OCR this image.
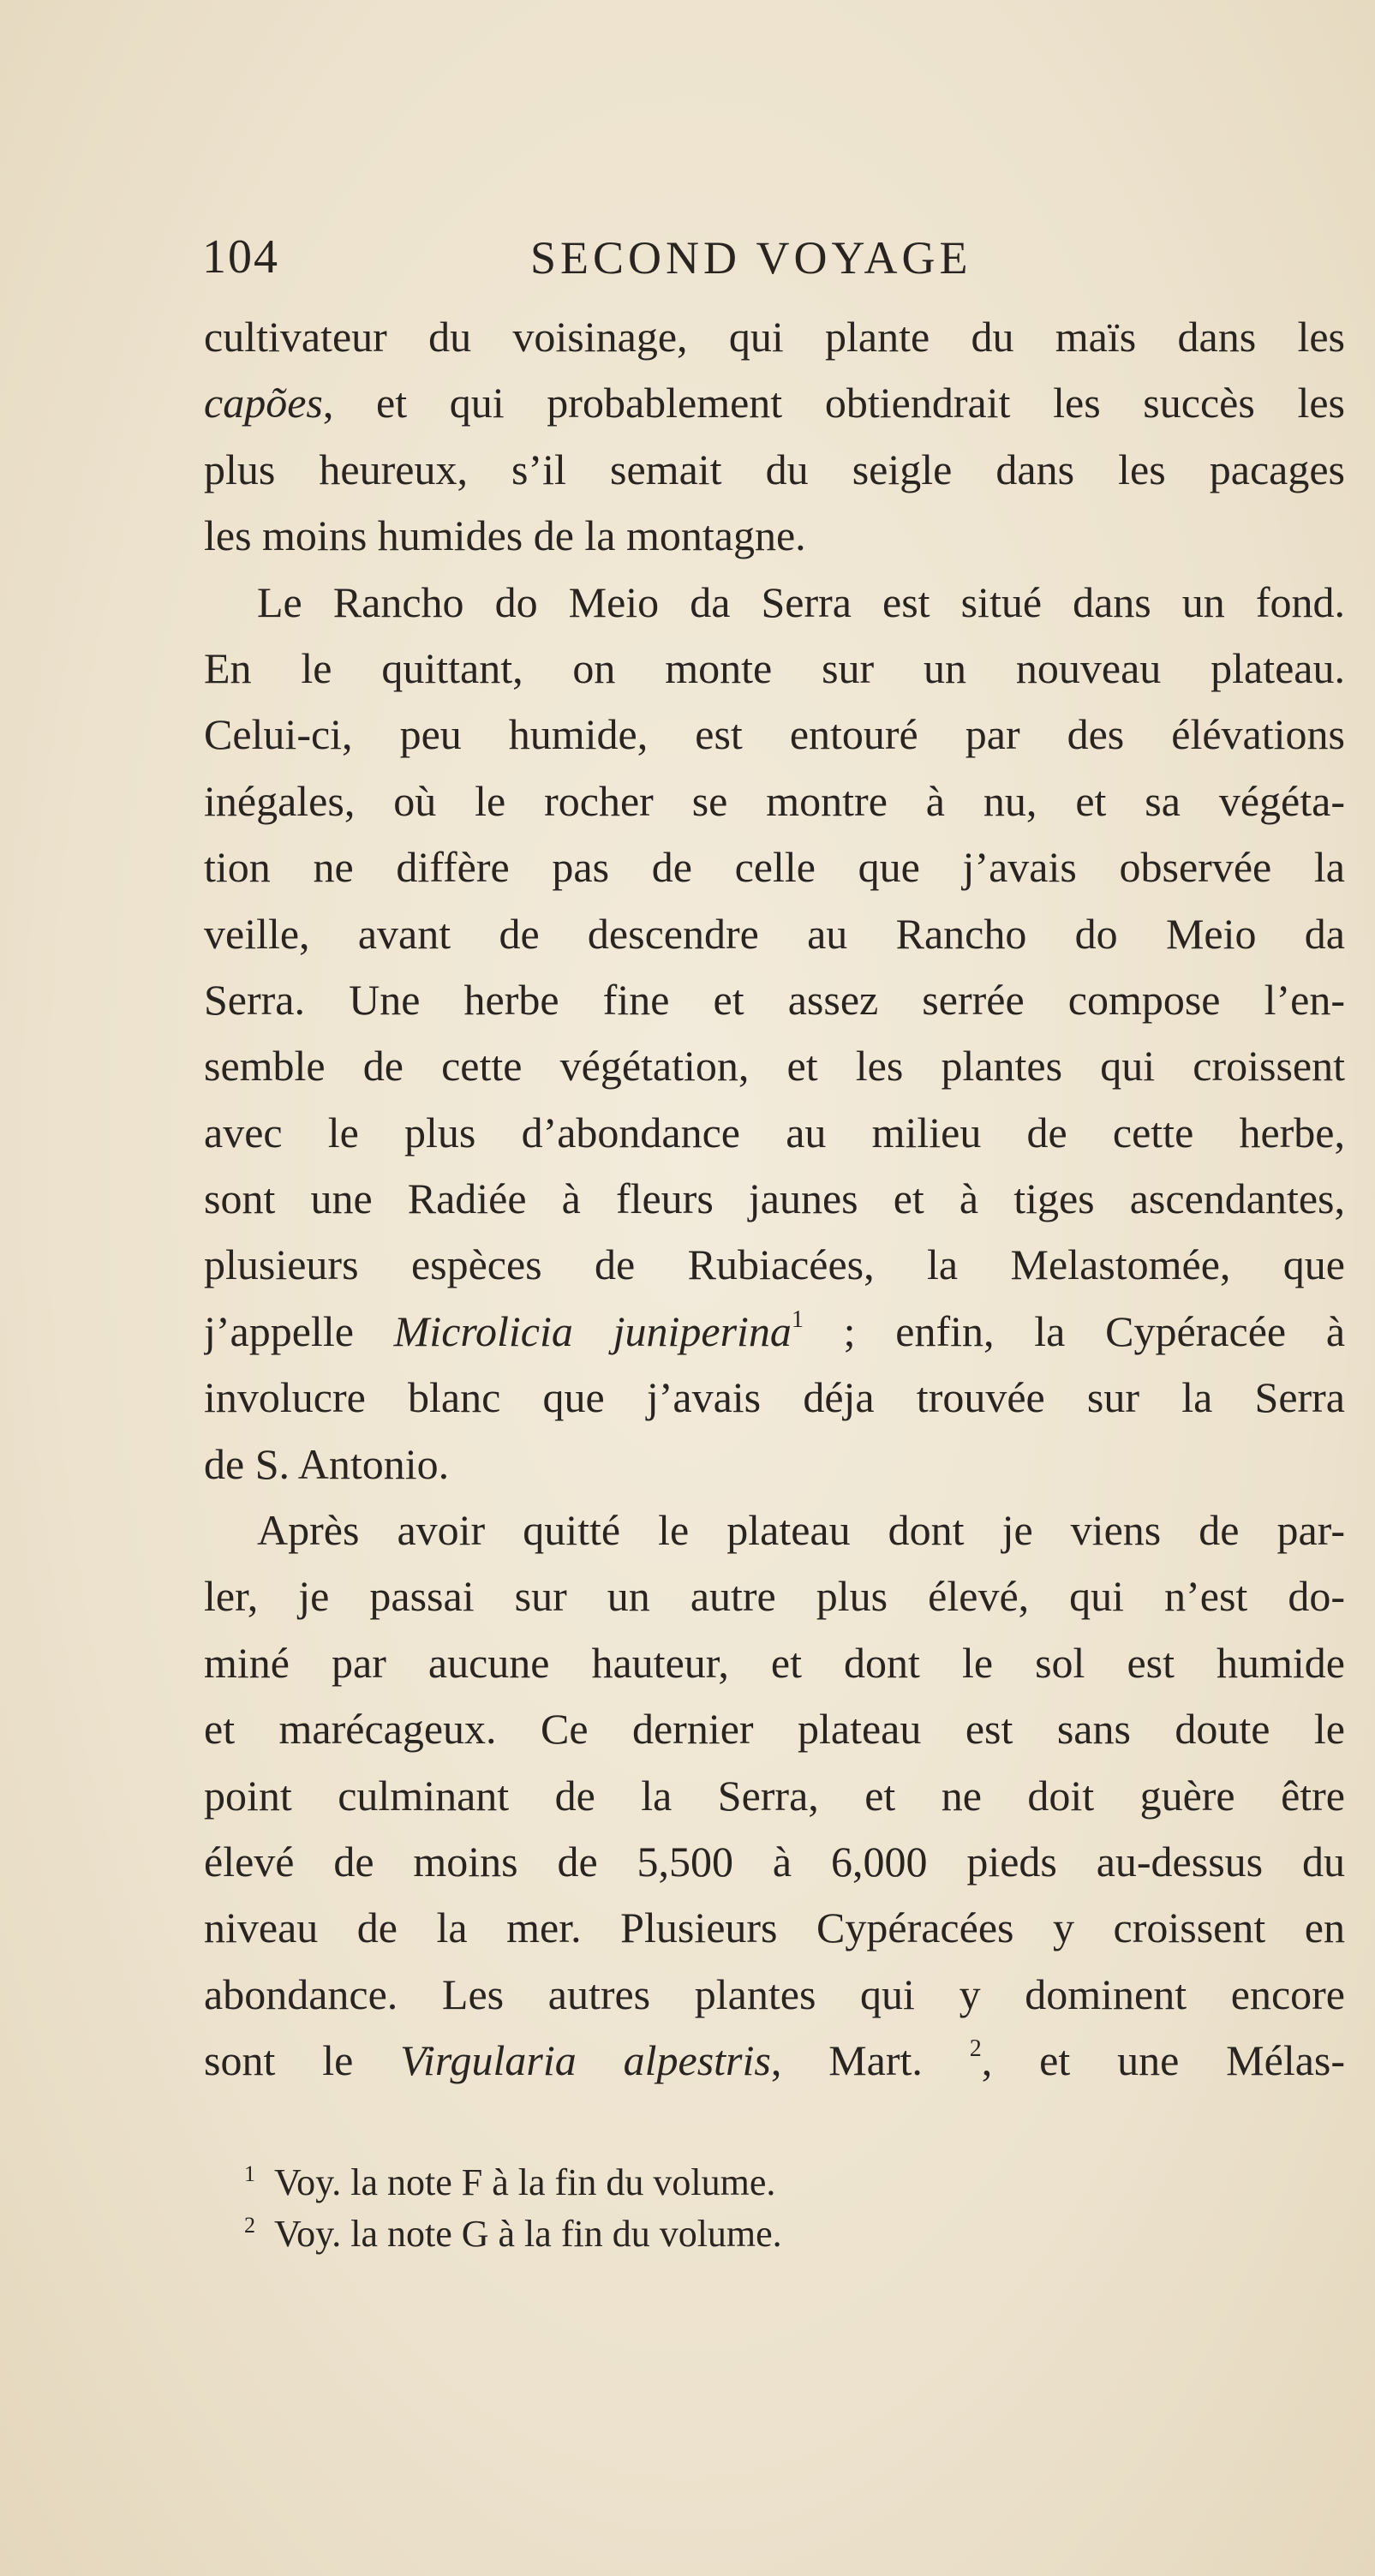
104	SECOND VOYAGE
cultivateur du voisinage, qui plante du maïs dans les
capões, et qui probablement obtiendrait les succès les
plus heureux, s’il semait du seigle dans les pacages
les moins humides de la montagne.
Le Rancho do Meio da Serra est situé dans un fond.
En le quittant, on monte sur un nouveau plateau.
Celui-ci, peu humide, est entouré par des élévations
inégales, où le rocher se montre à nu, et sa végéta-
tion ne diffère pas de celle que j’avais observée la
veille, avant de descendre au Rancho do Meio da
Serra. Une herbe fine et assez serrée compose l’en-
semble de cette végétation, et les plantes qui croissent
avec le plus d’abondance au milieu de cette herbe,
sont une Radiée à fleurs jaunes et à tiges ascendantes,
plusieurs espèces de Rubiacées, la Melastomée, que
j’appelle Microlicia juniperina$^1$ ; enfin, la Cypéracée à
involucre blanc que j’avais déja trouvée sur la Serra
de S. Antonio.
Après avoir quitté le plateau dont je viens de par-
ler, je passai sur un autre plus élevé, qui n’est do-
miné par aucune hauteur, et dont le sol est humide
et marécageux. Ce dernier plateau est sans doute le
point culminant de la Serra, et ne doit guère être
élevé de moins de 5,500 à 6,000 pieds au-dessus du
niveau de la mer. Plusieurs Cypéracées y croissent en
abondance. Les autres plantes qui y dominent encore
sont le Virgularia alpestris, Mart. $^2$, et une Mélas-
$^1$ Voy. la note F à la fin du volume.
$^2$ Voy. la note G à la fin du volume.
